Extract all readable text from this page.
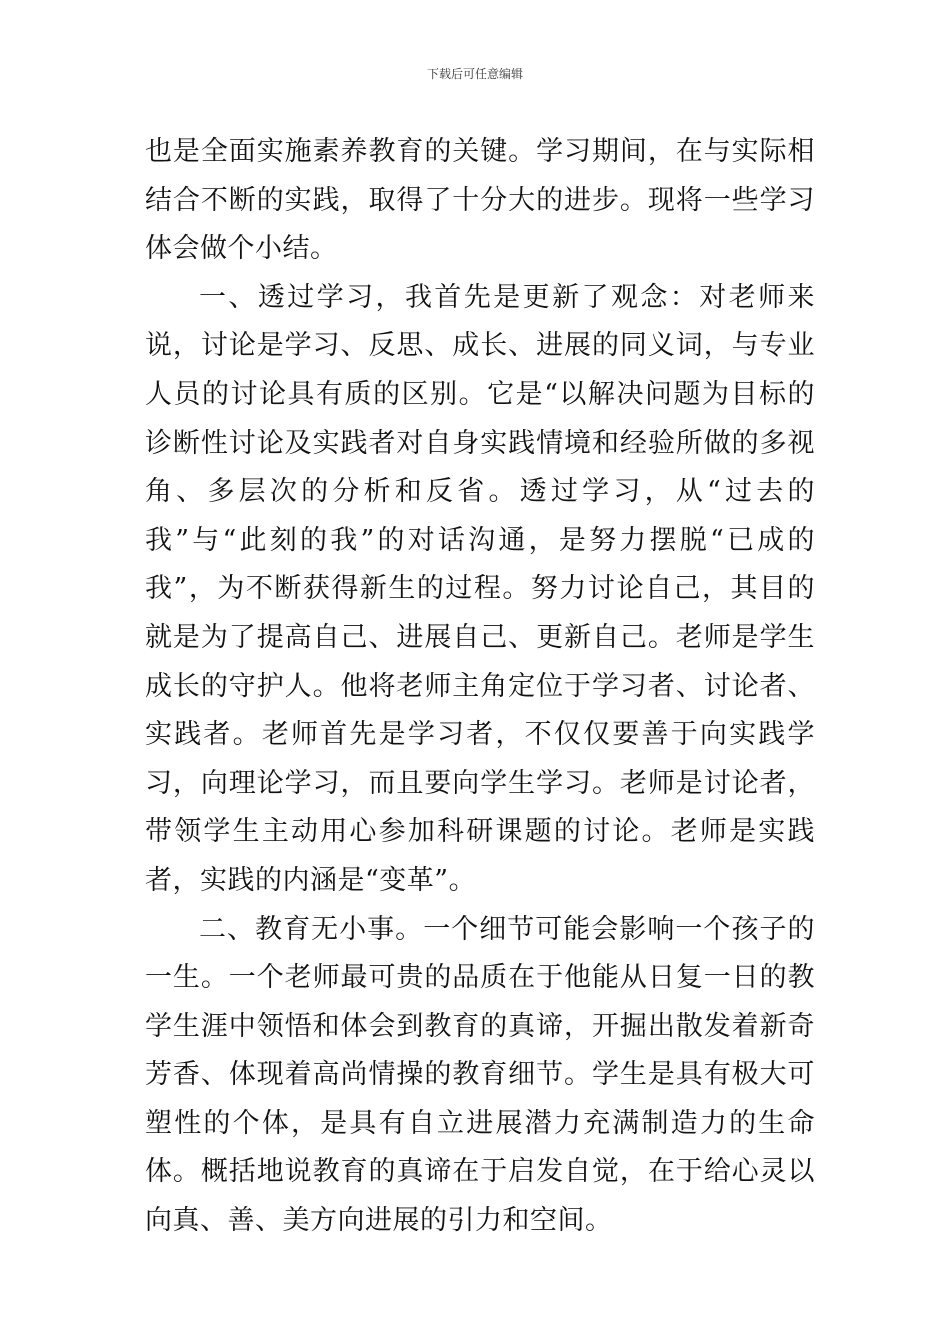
下载后可任意编辑

也是全面实施素养教育的关键。学习期间，在与实际相结合不断的实践，取得了十分大的进步。现将一些学习体会做个小结。

一、透过学习，我首先是更新了观念：对老师来说，讨论是学习、反思、成长、进展的同义词，与专业人员的讨论具有质的区别。它是“以解决问题为目标的诊断性讨论及实践者对自身实践情境和经验所做的多视角、多层次的分析和反省。透过学习，从“过去的我”与“此刻的我”的对话沟通，是努力摆脱“已成的我”，为不断获得新生的过程。努力讨论自己，其目的就是为了提高自己、进展自己、更新自己。老师是学生成长的守护人。他将老师主角定位于学习者、讨论者、实践者。老师首先是学习者，不仅仅要善于向实践学习，向理论学习，而且要向学生学习。老师是讨论者，带领学生主动用心参加科研课题的讨论。老师是实践者，实践的内涵是“变革”。

二、教育无小事。一个细节可能会影响一个孩子的一生。一个老师最可贵的品质在于他能从日复一日的教学生涯中领悟和体会到教育的真谛，开掘出散发着新奇芳香、体现着高尚情操的教育细节。学生是具有极大可塑性的个体，是具有自立进展潜力充满制造力的生命体。概括地说教育的真谛在于启发自觉，在于给心灵以向真、善、美方向进展的引力和空间。
